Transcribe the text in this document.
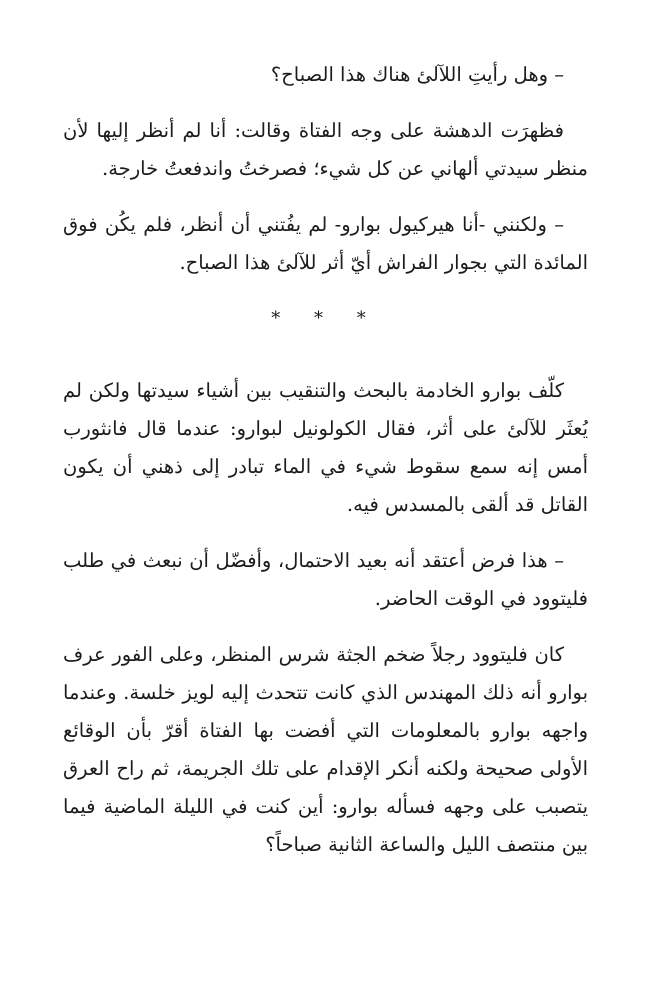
– وهل رأيتِ اللآلئ هناك هذا الصباح؟

فظهرَت الدهشة على وجه الفتاة وقالت: أنا لم أنظر إليها لأن منظر سيدتي ألهاني عن كل شيء؛ فصرختُ واندفعتُ خارجة.

– ولكنني -أنا هيركيول بوارو- لم يفُتني أن أنظر، فلم يكُن فوق المائدة التي بجوار الفراش أيّ أثر للآلئ هذا الصباح.

* * *

كلّف بوارو الخادمة بالبحث والتنقيب بين أشياء سيدتها ولكن لم يُعثَر للآلئ على أثر، فقال الكولونيل لبوارو: عندما قال فانثورب أمس إنه سمع سقوط شيء في الماء تبادر إلى ذهني أن يكون القاتل قد ألقى بالمسدس فيه.

– هذا فرض أعتقد أنه بعيد الاحتمال، وأفضّل أن نبعث في طلب فليتوود في الوقت الحاضر.

كان فليتوود رجلاً ضخم الجثة شرس المنظر، وعلى الفور عرف بوارو أنه ذلك المهندس الذي كانت تتحدث إليه لويز خلسة. وعندما واجهه بوارو بالمعلومات التي أفضت بها الفتاة أقرّ بأن الوقائع الأولى صحيحة ولكنه أنكر الإقدام على تلك الجريمة، ثم راح العرق يتصبب على وجهه فسأله بوارو: أين كنت في الليلة الماضية فيما بين منتصف الليل والساعة الثانية صباحاً؟
